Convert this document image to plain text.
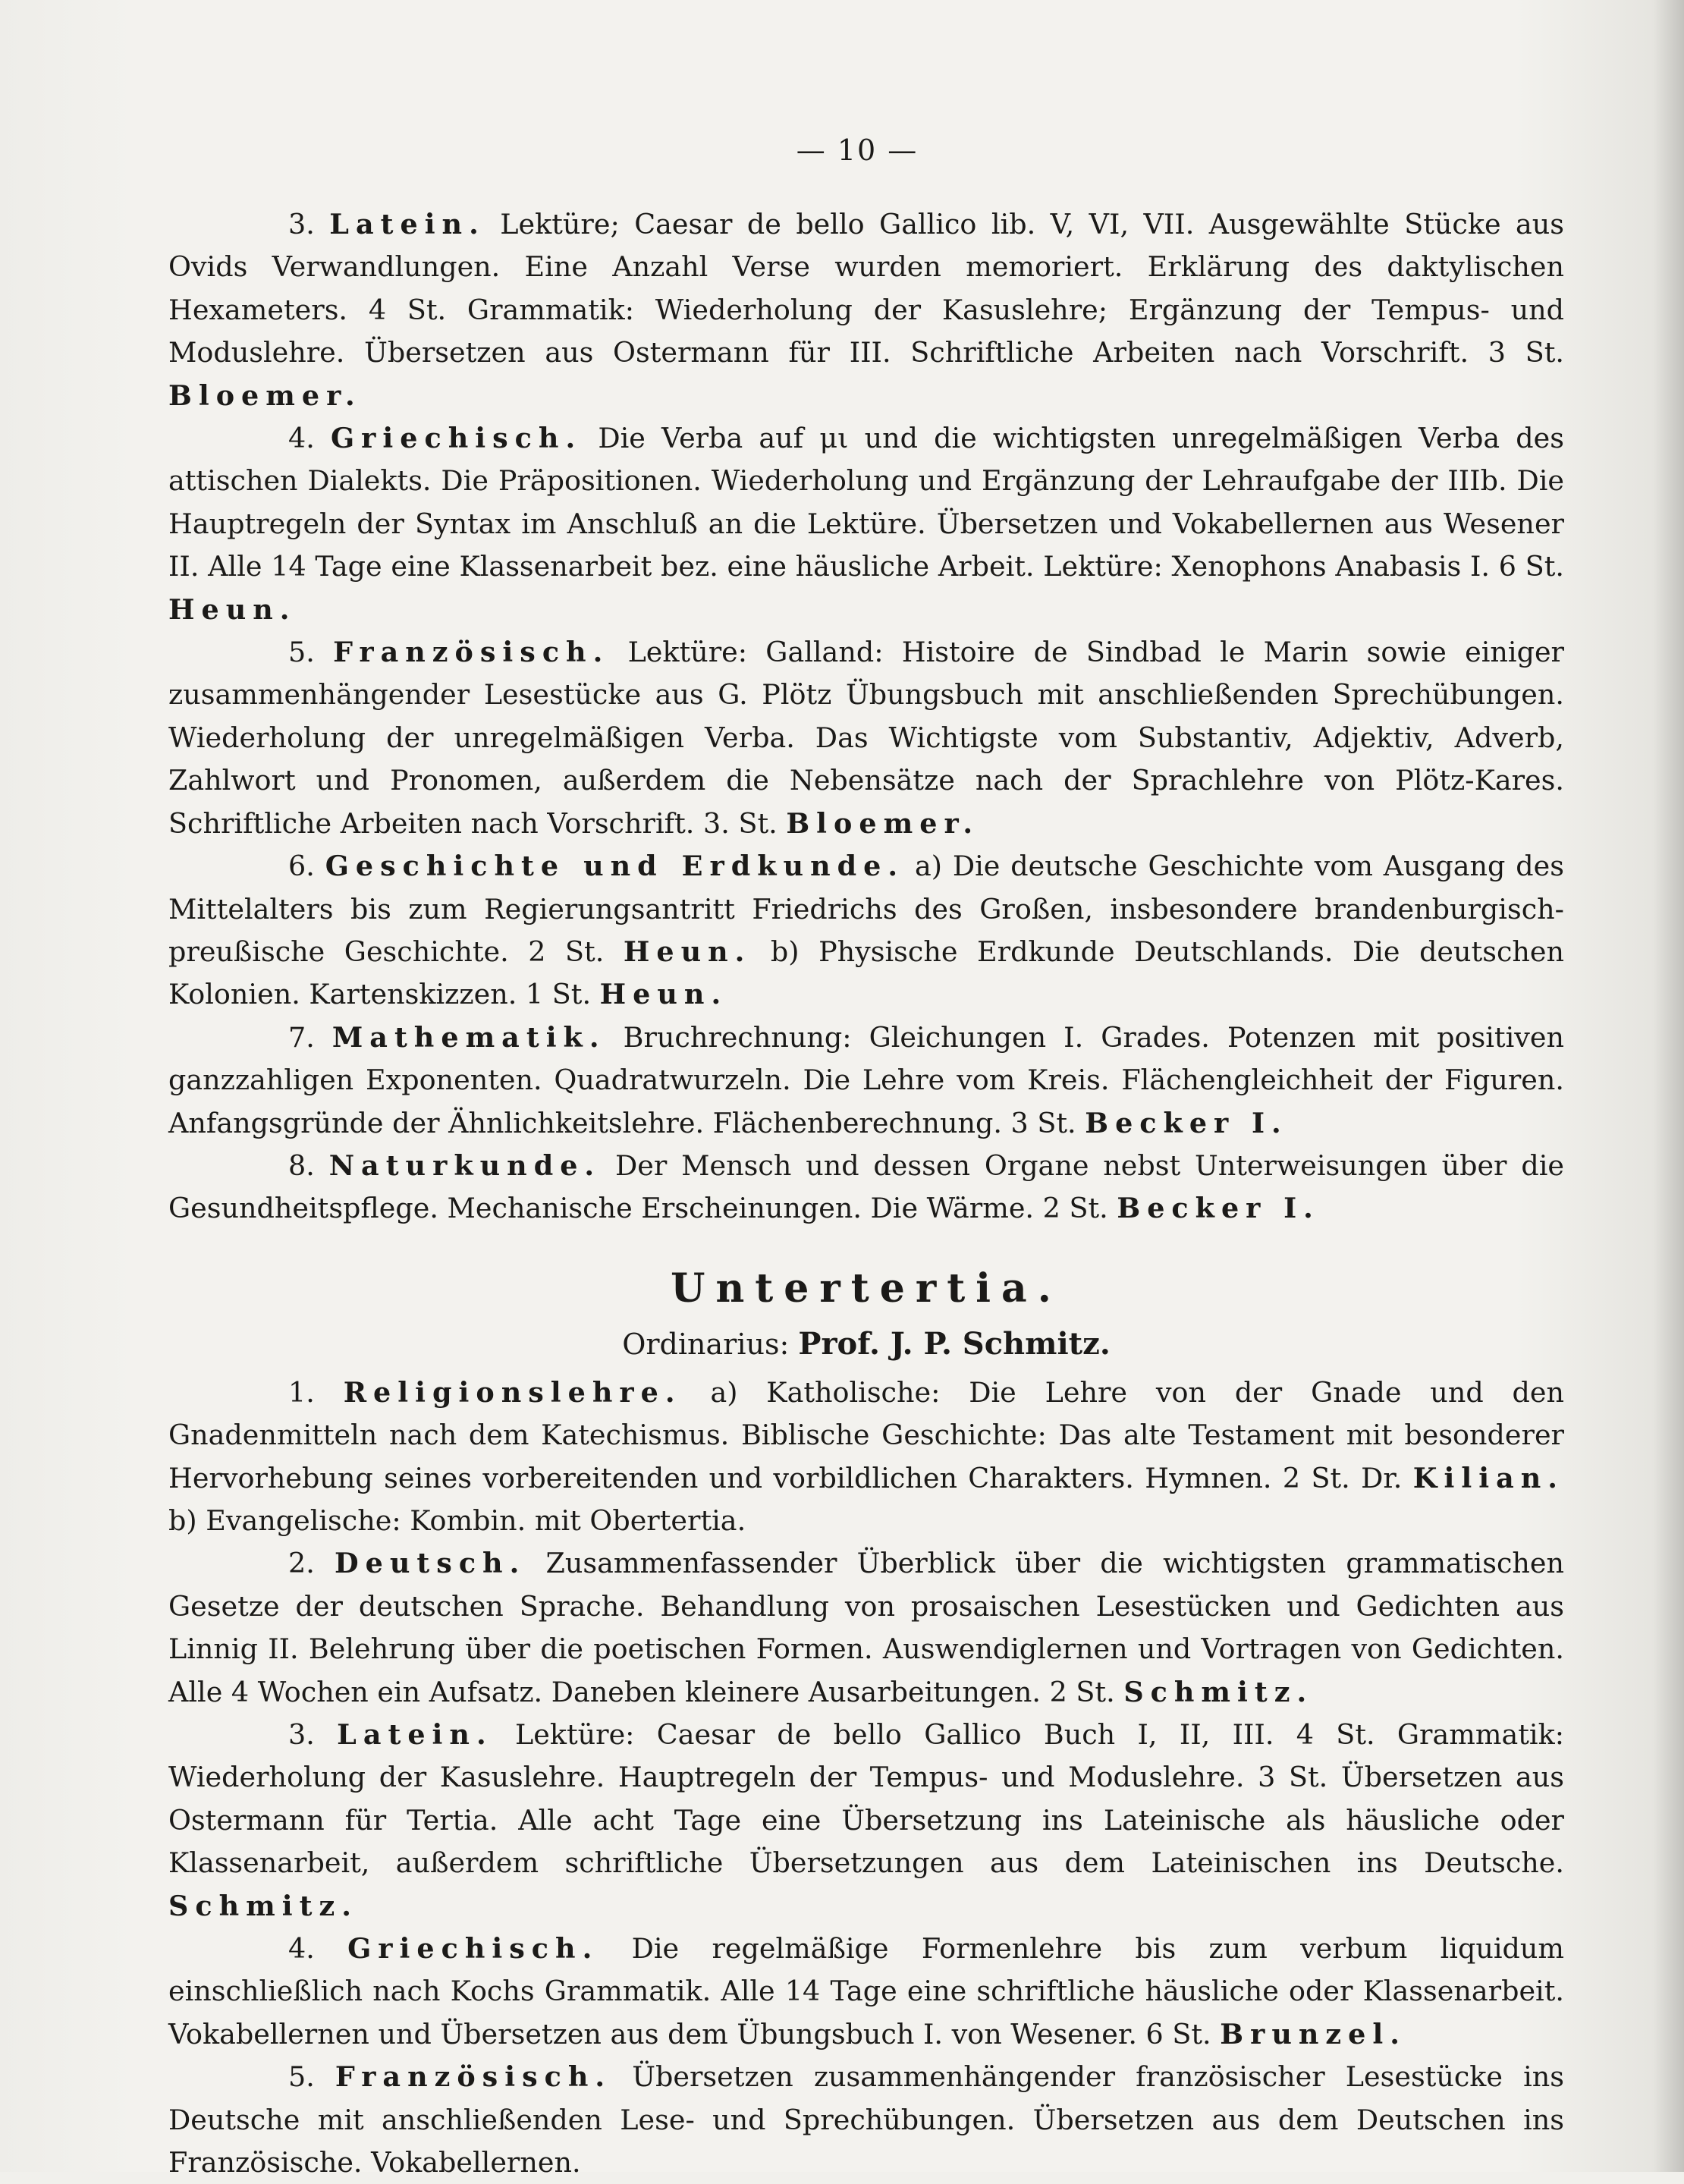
— 10 —

3. Latein. Lektüre; Caesar de bello Gallico lib. V, VI, VII. Ausgewählte Stücke aus Ovids Verwandlungen. Eine Anzahl Verse wurden memoriert. Erklärung des daktylischen Hexameters. 4 St. Grammatik: Wiederholung der Kasuslehre; Ergänzung der Tempus- und Moduslehre. Übersetzen aus Ostermann für III. Schriftliche Arbeiten nach Vorschrift. 3 St. Bloemer.

4. Griechisch. Die Verba auf μι und die wichtigsten unregelmäßigen Verba des attischen Dialekts. Die Präpositionen. Wiederholung und Ergänzung der Lehraufgabe der IIIb. Die Hauptregeln der Syntax im Anschluß an die Lektüre. Übersetzen und Vokabellernen aus Wesener II. Alle 14 Tage eine Klassenarbeit bez. eine häusliche Arbeit. Lektüre: Xenophons Anabasis I. 6 St. Heun.

5. Französisch. Lektüre: Galland: Histoire de Sindbad le Marin sowie einiger zusammenhängender Lesestücke aus G. Plötz Übungsbuch mit anschließenden Sprechübungen. Wiederholung der unregelmäßigen Verba. Das Wichtigste vom Substantiv, Adjektiv, Adverb, Zahlwort und Pronomen, außerdem die Nebensätze nach der Sprachlehre von Plötz-Kares. Schriftliche Arbeiten nach Vorschrift. 3. St. Bloemer.

6. Geschichte und Erdkunde. a) Die deutsche Geschichte vom Ausgang des Mittelalters bis zum Regierungsantritt Friedrichs des Großen, insbesondere brandenburgisch-preußische Geschichte. 2 St. Heun. b) Physische Erdkunde Deutschlands. Die deutschen Kolonien. Kartenskizzen. 1 St. Heun.

7. Mathematik. Bruchrechnung: Gleichungen I. Grades. Potenzen mit positiven ganzzahligen Exponenten. Quadratwurzeln. Die Lehre vom Kreis. Flächengleichheit der Figuren. Anfangsgründe der Ähnlichkeitslehre. Flächenberechnung. 3 St. Becker I.

8. Naturkunde. Der Mensch und dessen Organe nebst Unterweisungen über die Gesundheitspflege. Mechanische Erscheinungen. Die Wärme. 2 St. Becker I.

Untertertia.
Ordinarius: Prof. J. P. Schmitz.

1. Religionslehre. a) Katholische: Die Lehre von der Gnade und den Gnadenmitteln nach dem Katechismus. Biblische Geschichte: Das alte Testament mit besonderer Hervorhebung seines vorbereitenden und vorbildlichen Charakters. Hymnen. 2 St. Dr. Kilian. b) Evangelische: Kombin. mit Obertertia.

2. Deutsch. Zusammenfassender Überblick über die wichtigsten grammatischen Gesetze der deutschen Sprache. Behandlung von prosaischen Lesestücken und Gedichten aus Linnig II. Belehrung über die poetischen Formen. Auswendiglernen und Vortragen von Gedichten. Alle 4 Wochen ein Aufsatz. Daneben kleinere Ausarbeitungen. 2 St. Schmitz.

3. Latein. Lektüre: Caesar de bello Gallico Buch I, II, III. 4 St. Grammatik: Wiederholung der Kasuslehre. Hauptregeln der Tempus- und Moduslehre. 3 St. Übersetzen aus Ostermann für Tertia. Alle acht Tage eine Übersetzung ins Lateinische als häusliche oder Klassenarbeit, außerdem schriftliche Übersetzungen aus dem Lateinischen ins Deutsche. Schmitz.

4. Griechisch. Die regelmäßige Formenlehre bis zum verbum liquidum einschließlich nach Kochs Grammatik. Alle 14 Tage eine schriftliche häusliche oder Klassenarbeit. Vokabellernen und Übersetzen aus dem Übungsbuch I. von Wesener. 6 St. Brunzel.

5. Französisch. Übersetzen zusammenhängender französischer Lesestücke ins Deutsche mit anschließenden Lese- und Sprechübungen. Übersetzen aus dem Deutschen ins Französische. Vokabellernen.
